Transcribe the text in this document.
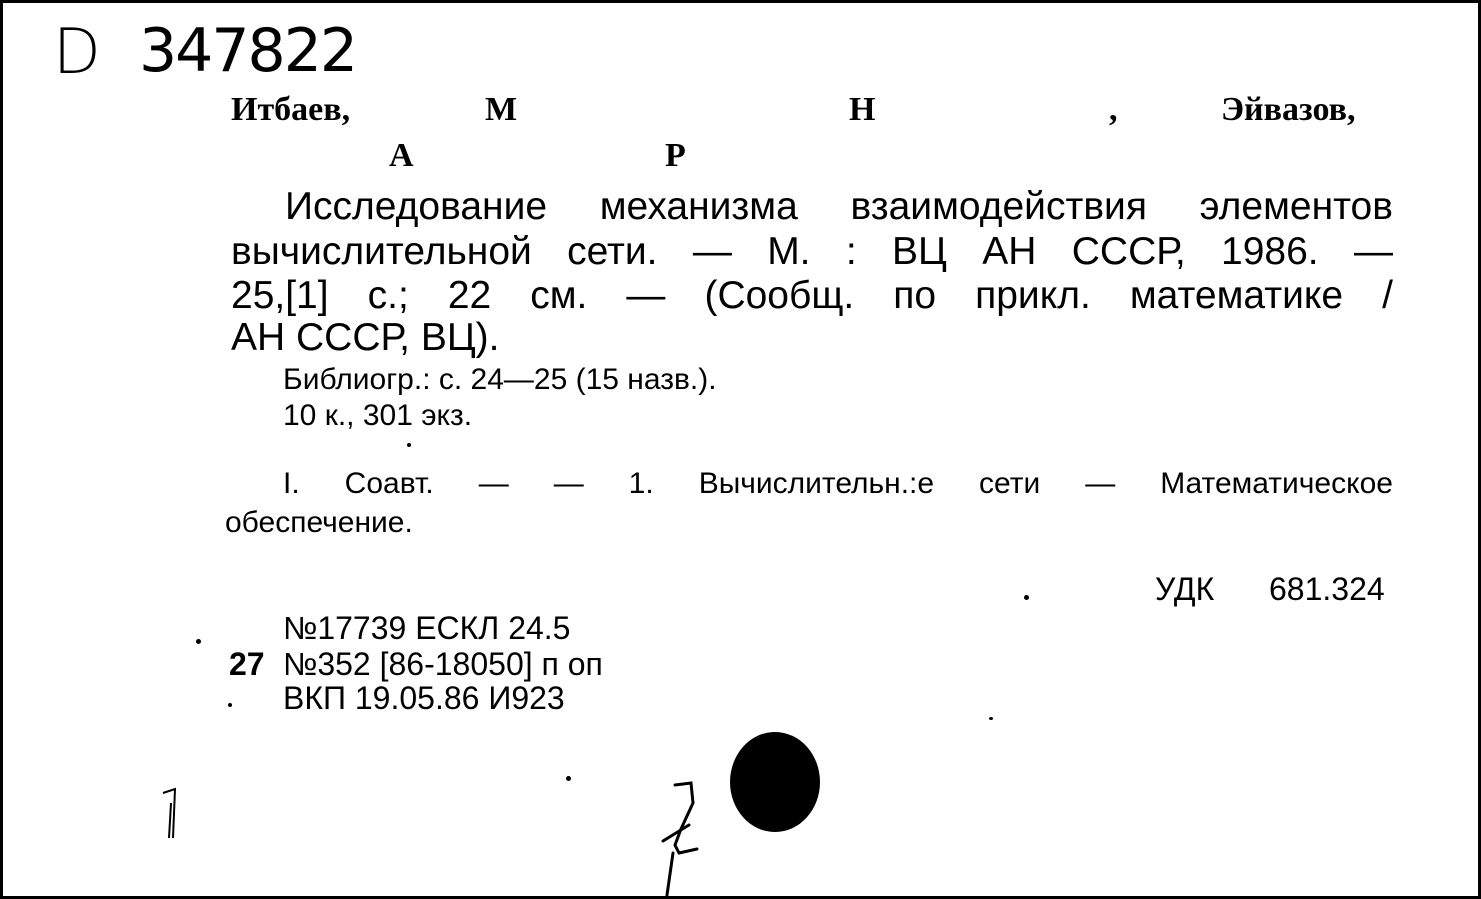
D 347822
Итбаев,	М	Н	,	Эйвазов,
А	Р
Исследование механизма взаимодействия элементов
вычислительной сети. — М. : ВЦ АН СССР, 1986. —
25,[1] с.; 22 см. — (Сообщ. по прикл. математике /
АН СССР, ВЦ).
Библиогр.: с. 24—25 (15 назв.).
10 к., 301 экз.
I. Соавт. — — 1. Вычислительн.:е сети — Математическое
обеспечение.
УДК 681.324
№17739 ЕСКЛ 24.5
27 №352 [86-18050] п оп
ВКП 19.05.86 И923
